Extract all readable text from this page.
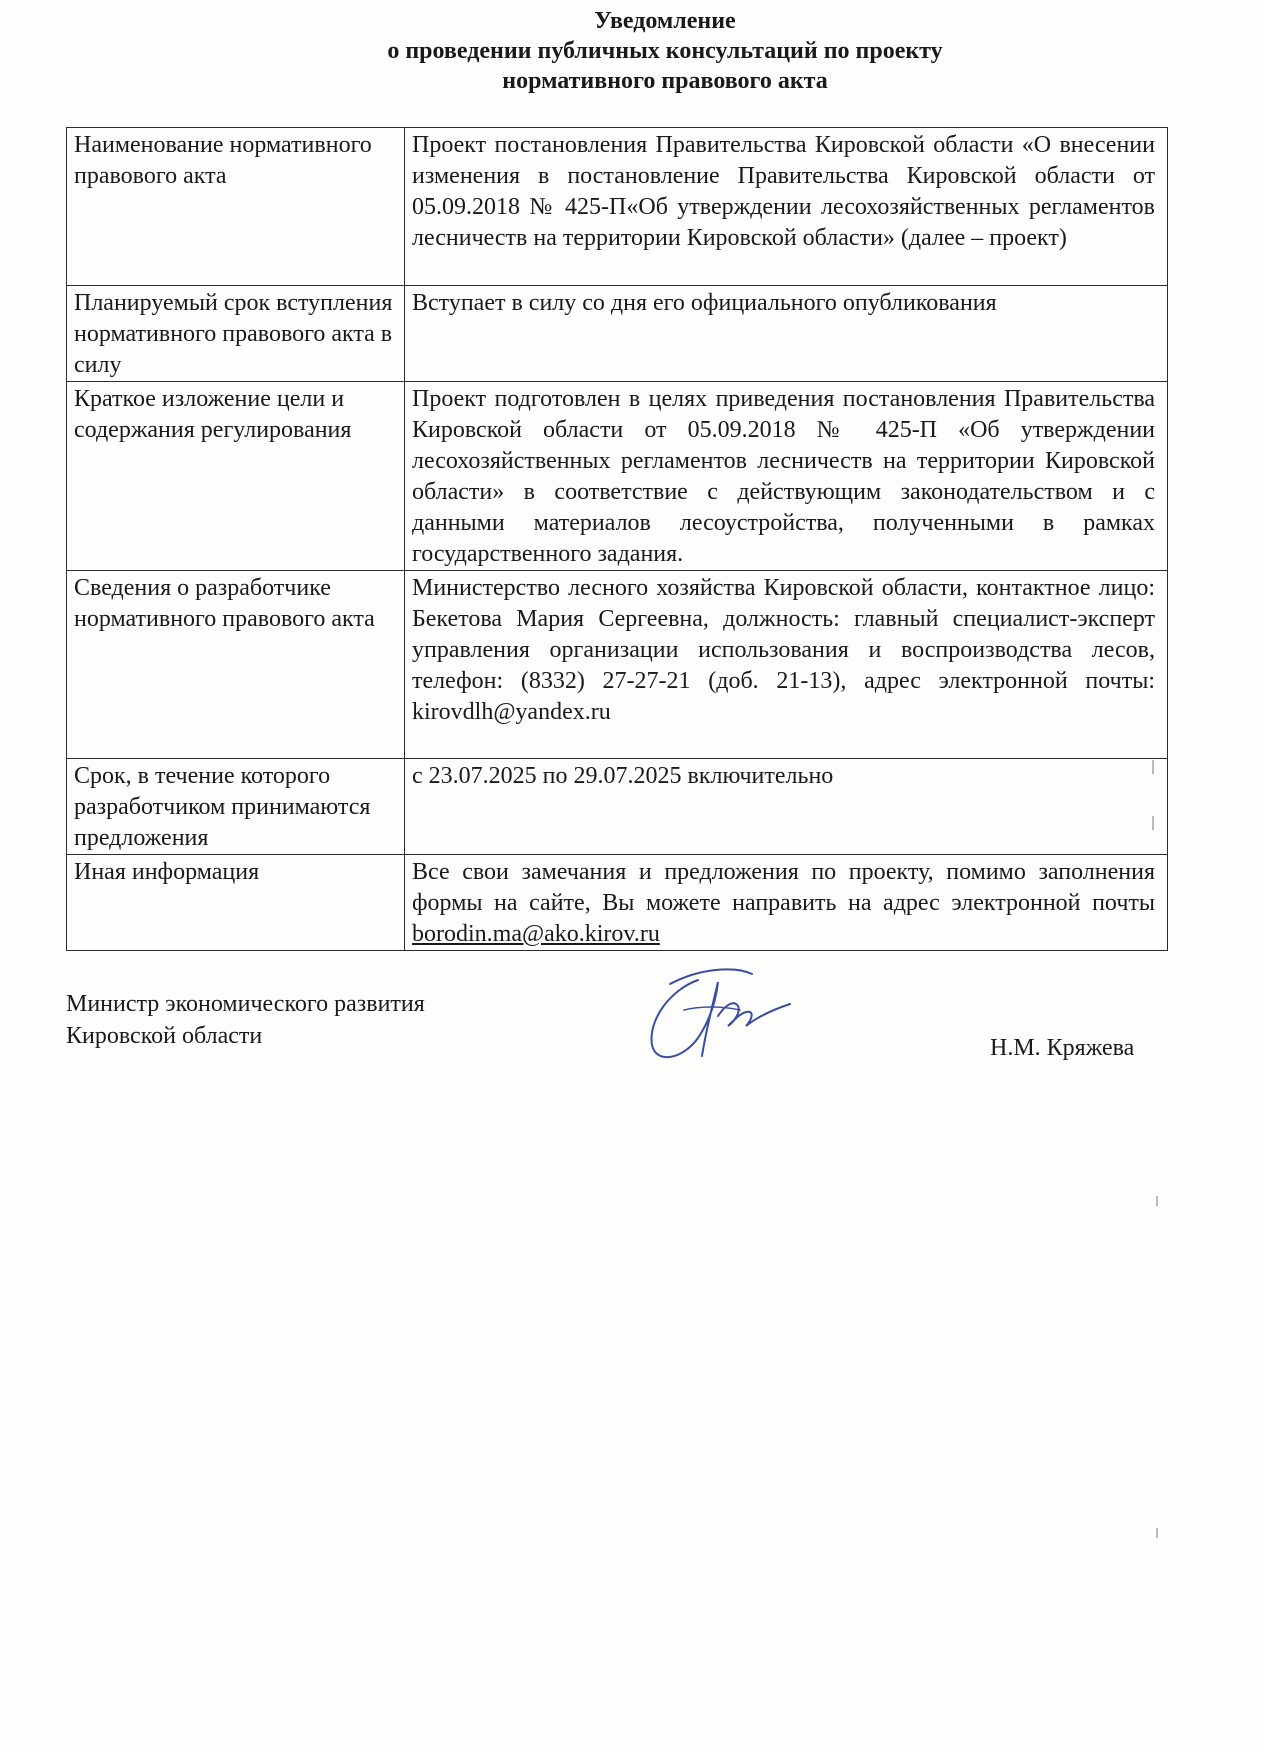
Уведомление
о проведении публичных консультаций по проекту
нормативного правового акта
Наименование нормативного правового акта	Проект постановления Правительства Кировской области «О внесении изменения в постановление Правительства Кировской области от 05.09.2018 № 425-П«Об утверждении лесохозяйственных регламентов лесничеств на территории Кировской области» (далее – проект)
Планируемый срок вступления нормативного правового акта в силу	Вступает в силу со дня его официального опубликования
Краткое изложение цели и содержания регулирования	Проект подготовлен в целях приведения постановления Правительства Кировской области от 05.09.2018 № 425-П «Об утверждении лесохозяйственных регламентов лесничеств на территории Кировской области» в соответствие с действующим законодательством и с данными материалов лесоустройства, полученными в рамках государственного задания.
Сведения о разработчике нормативного правового акта	Министерство лесного хозяйства Кировской области, контактное лицо: Бекетова Мария Сергеевна, должность: главный специалист-эксперт управления организации использования и воспроизводства лесов, телефон: (8332) 27-27-21 (доб. 21-13), адрес электронной почты: kirovdlh@yandex.ru
Срок, в течение которого разработчиком принимаются предложения	с 23.07.2025 по 29.07.2025 включительно
Иная информация	Все свои замечания и предложения по проекту, помимо заполнения формы на сайте, Вы можете направить на адрес электронной почты borodin.ma@ako.kirov.ru
Министр экономического развития
Кировской области	Н.М. Кряжева
